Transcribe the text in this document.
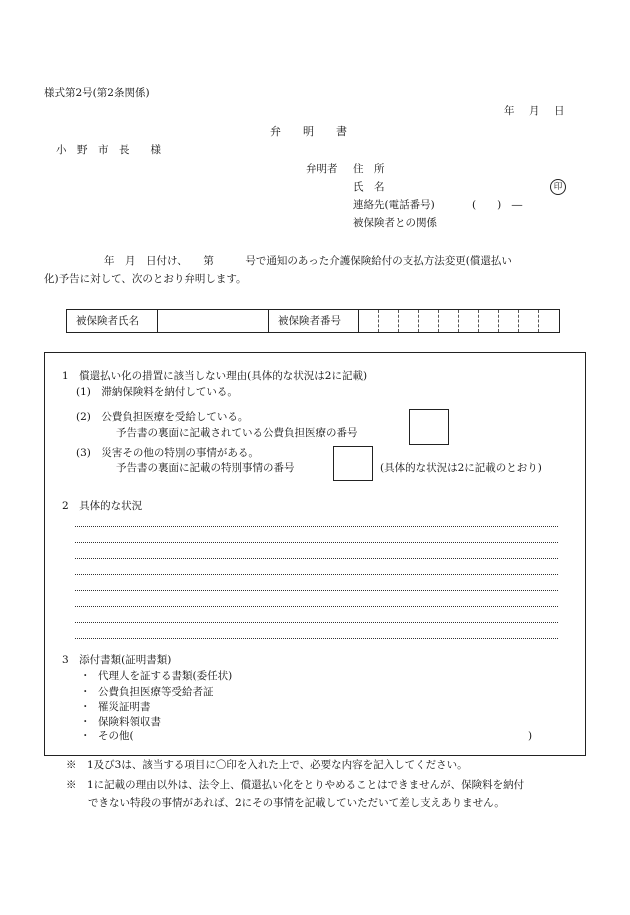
様式第2号(第2条関係)
年　月　日
弁　　明　　書
小　野　市　長　　様
弁明者 住　所
氏　名	印
連絡先(電話番号)	(　　)　―
被保険者との関係
年　月　日付け、　　第　　　号で通知のあった介護保険給付の支払方法変更(償還払い
化)予告に対して、次のとおり弁明します。
被保険者氏名	被保険者番号
1　償還払い化の措置に該当しない理由(具体的な状況は2に記載)
(1)　滞納保険料を納付している。
(2)　公費負担医療を受給している。
予告書の裏面に記載されている公費負担医療の番号
(3)　災害その他の特別の事情がある。
予告書の裏面に記載の特別事情の番号	(具体的な状況は2に記載のとおり)
2　具体的な状況
3　添付書類(証明書類)
・ 代理人を証する書類(委任状)
・ 公費負担医療等受給者証
・ 罹災証明書
・ 保険料領収書
・ その他(	)
※　1及び3は、該当する項目に〇印を入れた上で、必要な内容を記入してください。
※　1に記載の理由以外は、法令上、償還払い化をとりやめることはできませんが、保険料を納付
できない特段の事情があれば、2にその事情を記載していただいて差し支えありません。
